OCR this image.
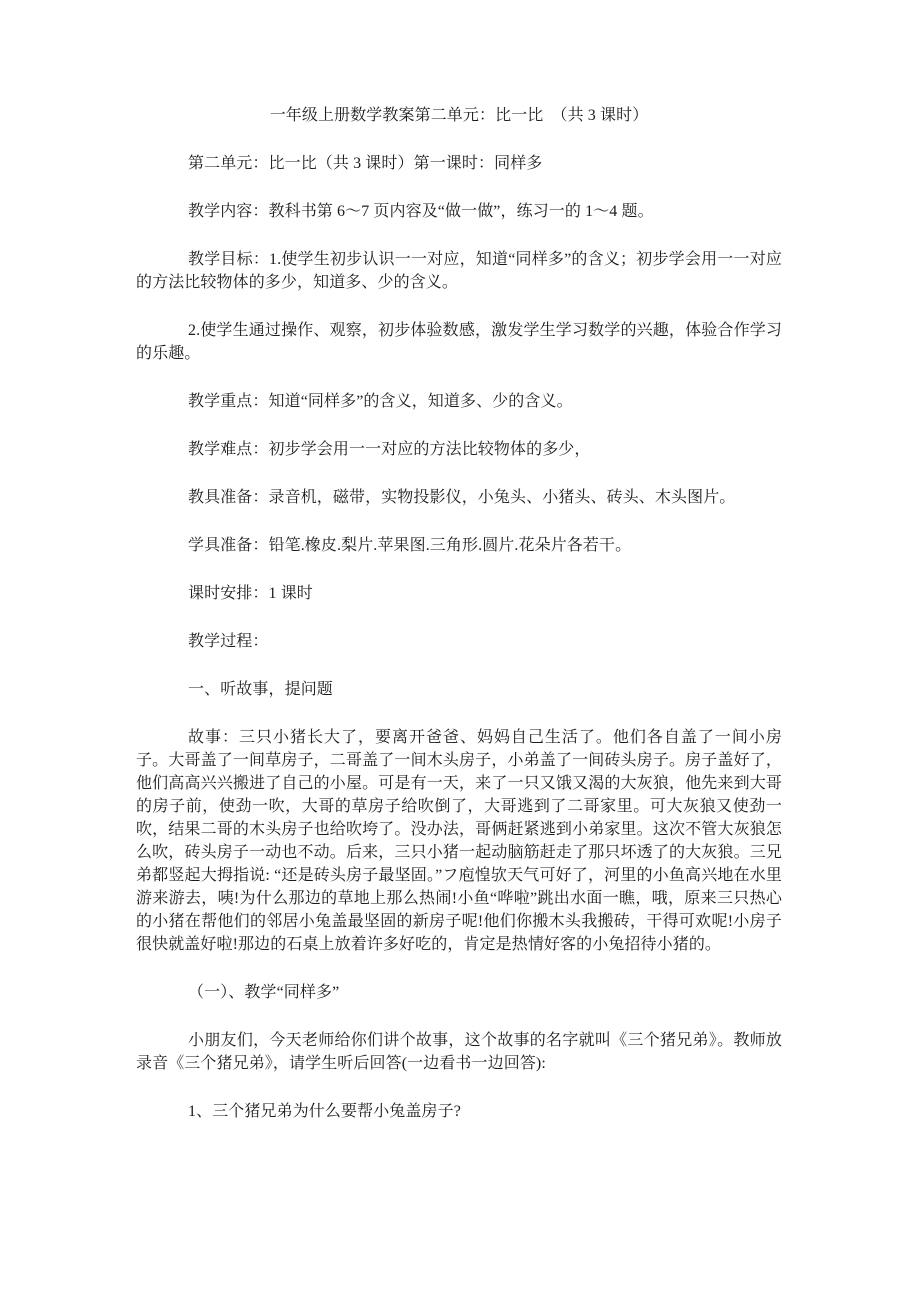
一年级上册数学教案第二单元：比一比　（共 3 课时）

第二单元：比一比（共 3 课时）第一课时：同样多

教学内容：教科书第 6～7 页内容及“做一做”，练习一的 1～4 题。

教学目标：1.使学生初步认识一一对应，知道“同样多”的含义；初步学会用一一对应的方法比较物体的多少，知道多、少的含义。

2.使学生通过操作、观察，初步体验数感，激发学生学习数学的兴趣，体验合作学习的乐趣。

教学重点：知道“同样多”的含义，知道多、少的含义。

教学难点：初步学会用一一对应的方法比较物体的多少，

教具准备：录音机，磁带，实物投影仪，小兔头、小猪头、砖头、木头图片。

学具准备：铅笔.橡皮.梨片.苹果图.三角形.圆片.花朵片各若干。

课时安排：1 课时

教学过程：

一、听故事，提问题

故事：三只小猪长大了，要离开爸爸、妈妈自己生活了。他们各自盖了一间小房子。大哥盖了一间草房子，二哥盖了一间木头房子，小弟盖了一间砖头房子。房子盖好了，他们高高兴兴搬进了自己的小屋。可是有一天，来了一只又饿又渴的大灰狼，他先来到大哥的房子前，使劲一吹，大哥的草房子给吹倒了，大哥逃到了二哥家里。可大灰狼又使劲一吹，结果二哥的木头房子也给吹垮了。没办法，哥俩赶紧逃到小弟家里。这次不管大灰狼怎么吹，砖头房子一动也不动。后来，三只小猪一起动脑筋赶走了那只坏透了的大灰狼。三兄弟都竖起大拇指说: “还是砖头房子最坚固。”フ庖惶欤天气可好了，河里的小鱼高兴地在水里游来游去，咦!为什么那边的草地上那么热闹!小鱼“哗啦”跳出水面一瞧，哦，原来三只热心的小猪在帮他们的邻居小兔盖最坚固的新房子呢!他们你搬木头我搬砖，干得可欢呢!小房子很快就盖好啦!那边的石桌上放着许多好吃的，肯定是热情好客的小兔招待小猪的。

（一）、教学“同样多”

小朋友们，今天老师给你们讲个故事，这个故事的名字就叫《三个猪兄弟》。教师放录音《三个猪兄弟》，请学生听后回答(一边看书一边回答):

1、三个猪兄弟为什么要帮小兔盖房子?
